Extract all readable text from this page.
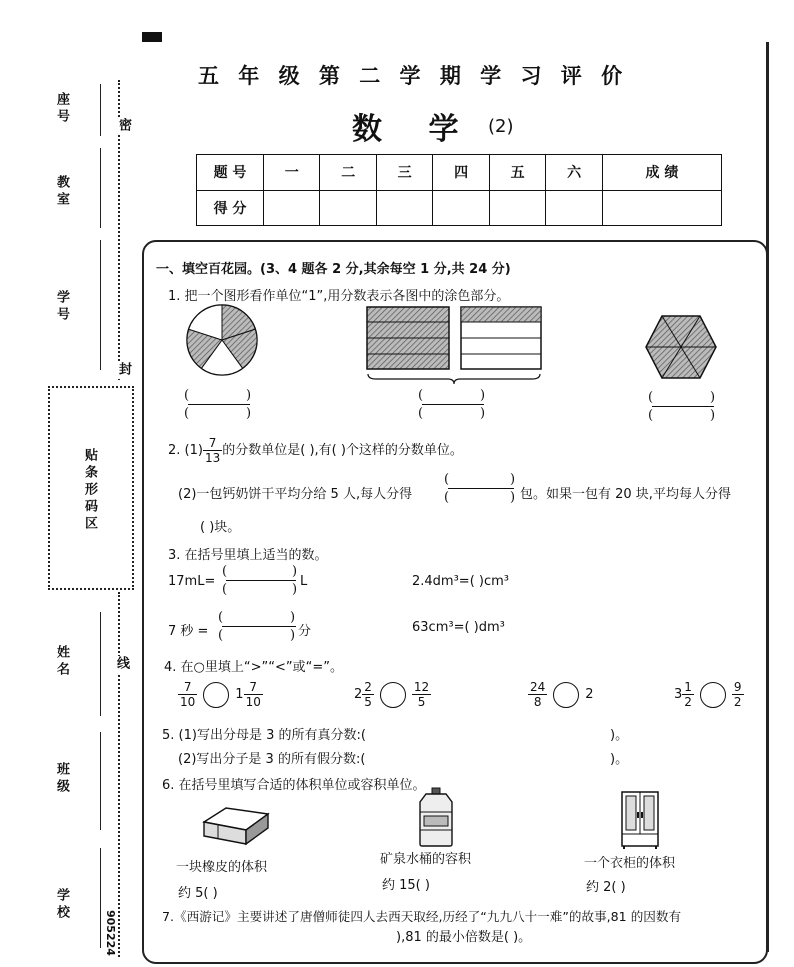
座号
教室
学号
密
封
贴条形码区
线
姓名
班级
学校
905224
五 年 级 第 二 学 期 学 习 评 价
数 学 (2)
题 号	一	二	三	四	五	六	成 绩
得 分							
一、填空百花园。(3、4 题各 2 分,其余每空 1 分,共 24 分)
1. 把一个图形看作单位“1”,用分数表示各图中的涂色部分。
(	)
(	)
(	)
(	)
(	)
(	)
2. $(1) \frac{7}{13}$ 的分数单位是( ),有( )个这样的分数单位。
(2)一包钙奶饼干平均分给 5 人,每人分得
(	)
(	) 包。如果一包有 20 块,平均每人分得
( )块。
3. 在括号里填上适当的数。
17mL=
(	)
(	)
L	2.4dm³=( )cm³
7 秒 =
(	)
(	) 分	63cm³=( )dm³
4. 在○里填上“>”“<”或“=”。
$\frac{7}{10}$	$1 \frac{7}{10}$	$2 \frac{2}{5}$	$\frac{12}{5}$	$\frac{24}{8}$	2	$3 \frac{1}{2}$	$\frac{9}{2}$
5. (1)写出分母是 3 的所有真分数:(	)。
(2)写出分子是 3 的所有假分数:(	)。
6. 在括号里填写合适的体积单位或容积单位。
一块橡皮的体积
约 5( )
矿泉水桶的容积
约 15( )
一个衣柜的体积
约 2( )
7.《西游记》主要讲述了唐僧师徒四人去西天取经,历经了“九九八十一难”的故事,81 的因数有
),81 的最小倍数是( )。
